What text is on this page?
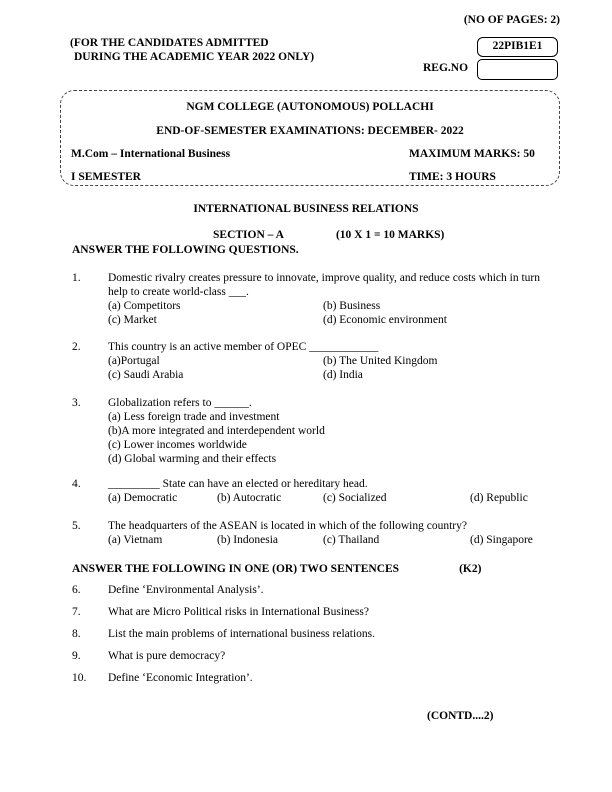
(NO OF PAGES: 2)
(FOR THE CANDIDATES ADMITTED
DURING THE ACADEMIC YEAR 2022 ONLY)
22PIB1E1
REG.NO
NGM COLLEGE (AUTONOMOUS) POLLACHI
END-OF-SEMESTER EXAMINATIONS: DECEMBER- 2022
M.Com – International Business	MAXIMUM MARKS: 50
I SEMESTER	TIME: 3 HOURS
INTERNATIONAL BUSINESS RELATIONS
SECTION – A	(10 X 1 = 10 MARKS)
ANSWER THE FOLLOWING QUESTIONS.
1.	Domestic rivalry creates pressure to innovate, improve quality, and reduce costs which in turn help to create world-class ___.
(a) Competitors	(b) Business
(c) Market	(d) Economic environment
2.	This country is an active member of OPEC ____________
(a)Portugal	(b) The United Kingdom
(c) Saudi Arabia	(d) India
3.	Globalization refers to ______.
(a) Less foreign trade and investment
(b)A more integrated and interdependent world
(c) Lower incomes worldwide
(d) Global warming and their effects
4.	_________ State can have an elected or hereditary head.
(a) Democratic	(b) Autocratic	(c) Socialized	(d) Republic
5.	The headquarters of the ASEAN is located in which of the following country?
(a) Vietnam	(b) Indonesia	(c) Thailand	(d) Singapore
ANSWER THE FOLLOWING IN ONE (OR) TWO SENTENCES	(K2)
6.	Define ‘Environmental Analysis’.
7.	What are Micro Political risks in International Business?
8.	List the main problems of international business relations.
9.	What is pure democracy?
10.	Define ‘Economic Integration’.
(CONTD....2)
